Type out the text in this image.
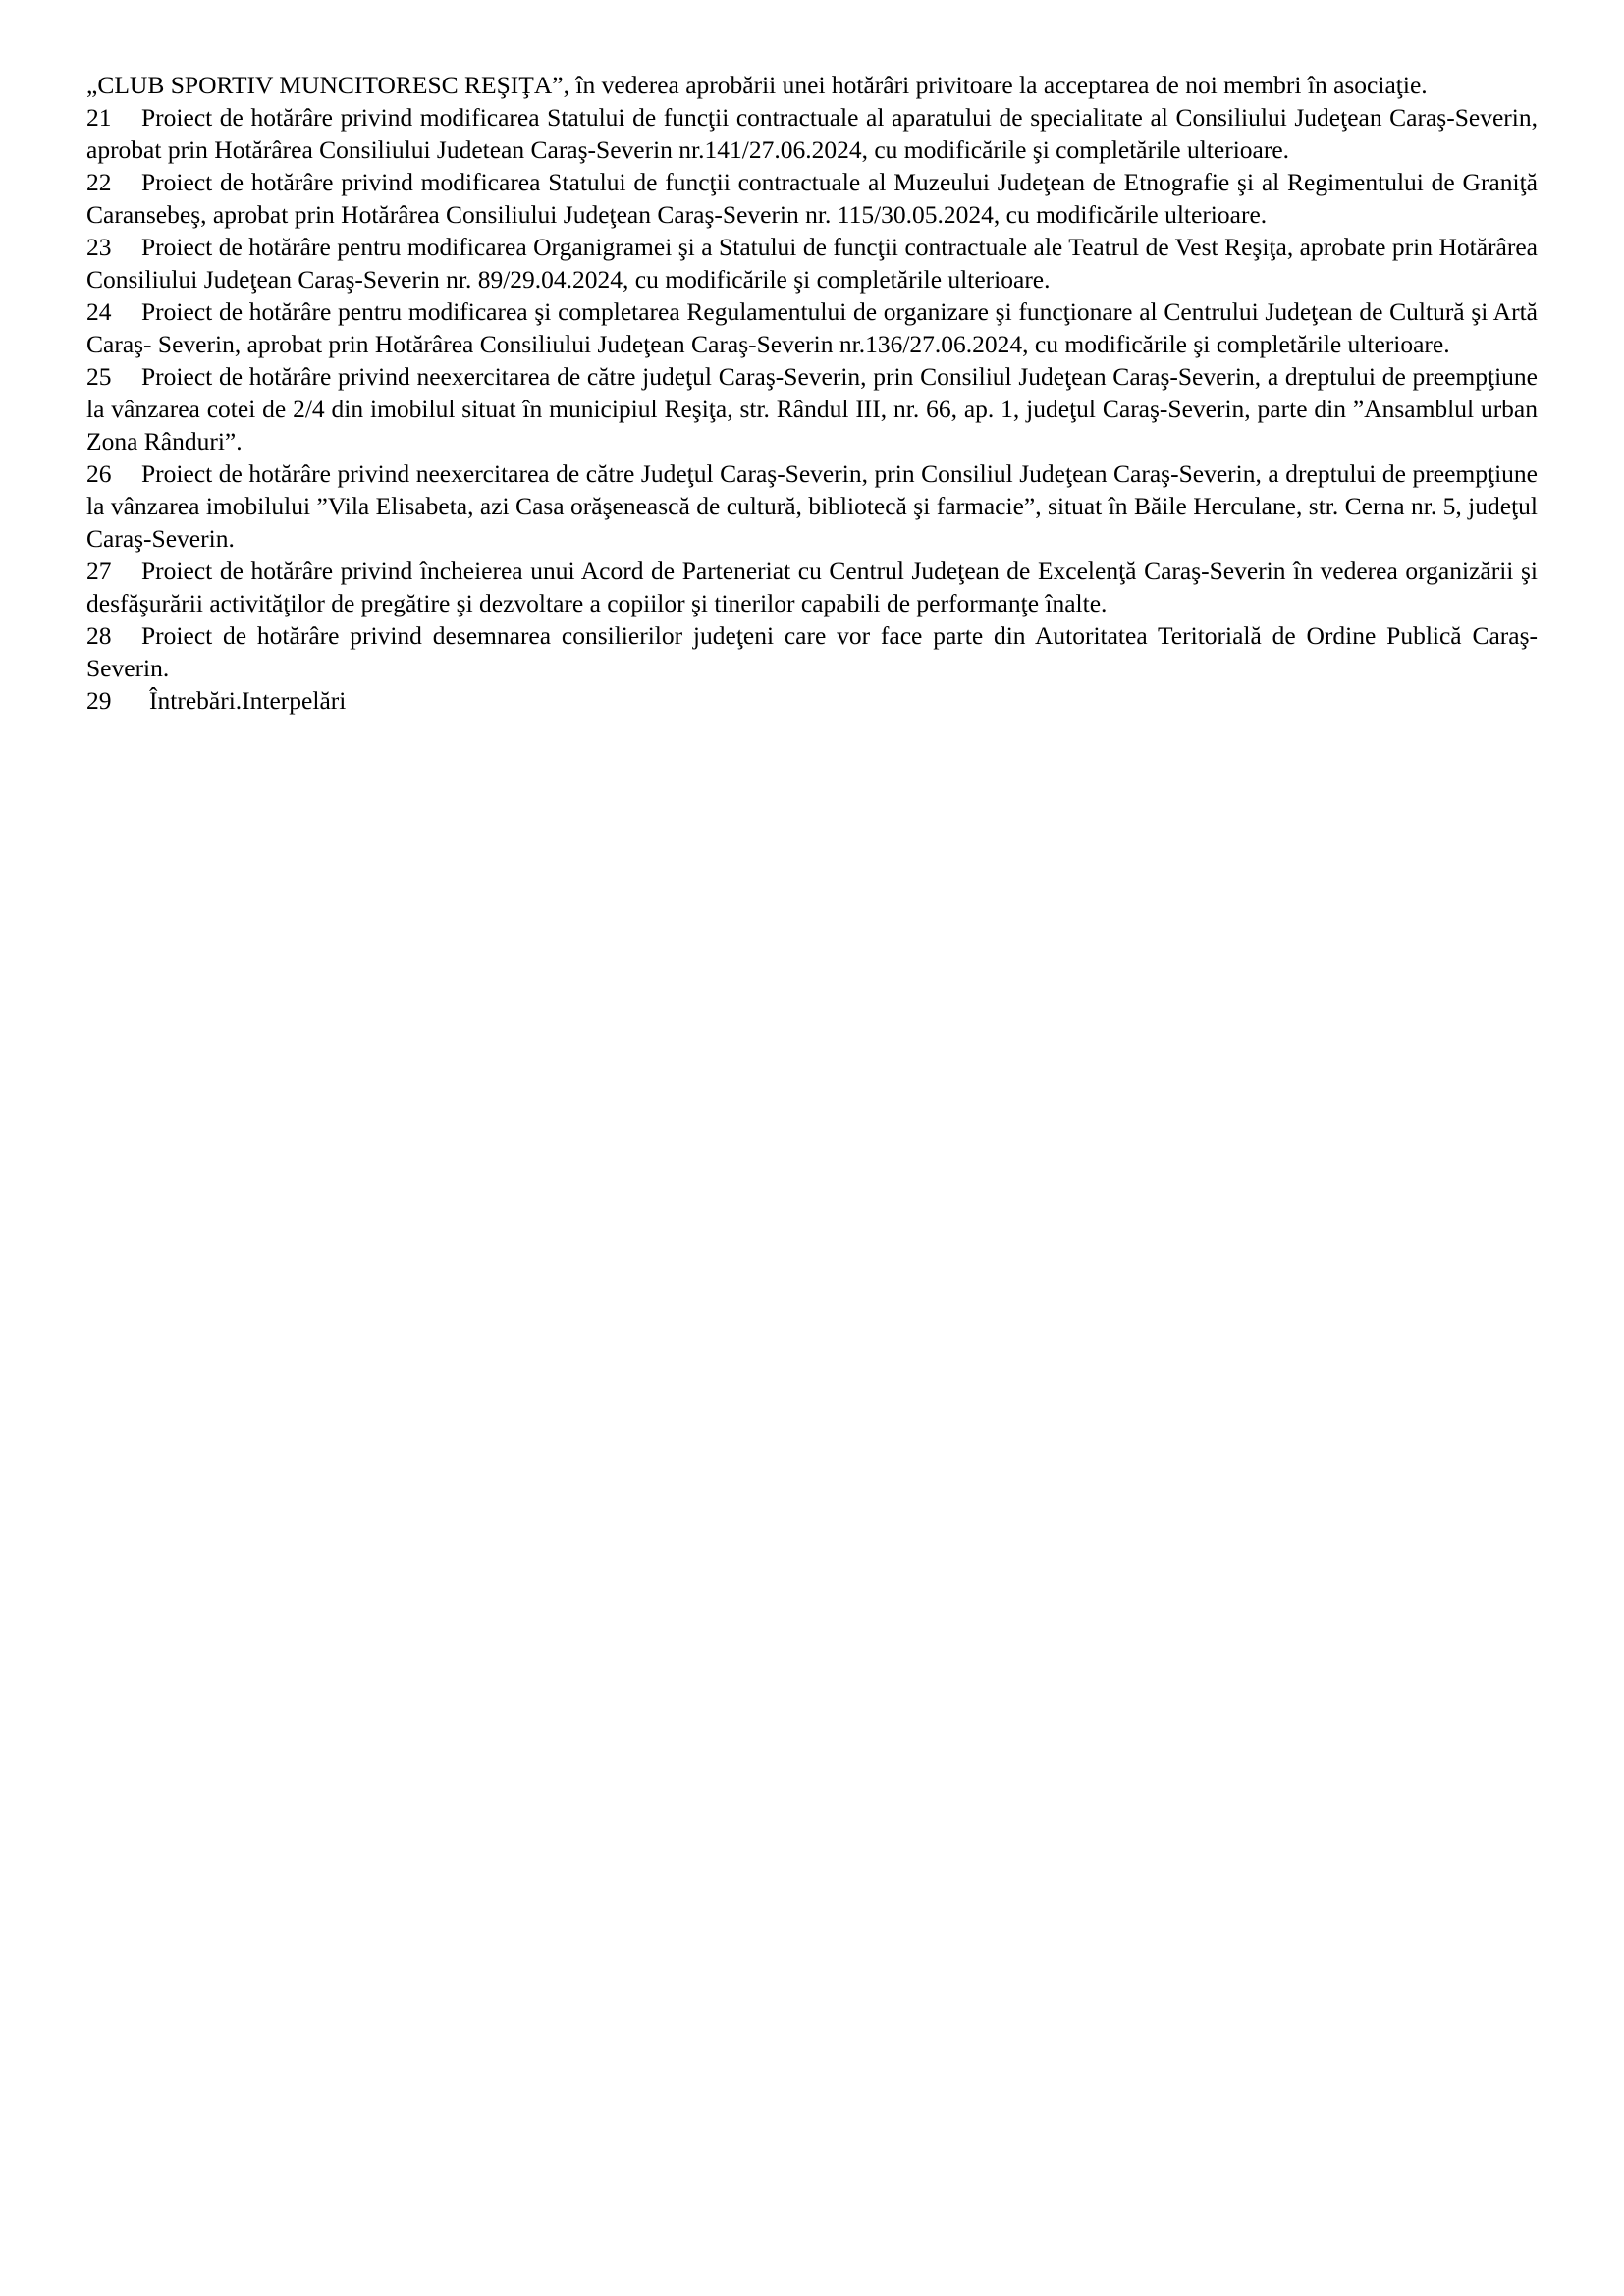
„CLUB SPORTIV MUNCITORESC REŞIŢA”, în vederea aprobării unei hotărâri privitoare la acceptarea de noi membri în asociaţie.

21 Proiect de hotărâre privind modificarea Statului de funcţii contractuale al aparatului de specialitate al Consiliului Judeţean Caraş-Severin, aprobat prin Hotărârea Consiliului Judetean Caraş-Severin nr.141/27.06.2024, cu modificările şi completările ulterioare.

22 Proiect de hotărâre privind modificarea Statului de funcţii contractuale al Muzeului Judeţean de Etnografie şi al Regimentului de Graniţă Caransebeş, aprobat prin Hotărârea Consiliului Judeţean Caraş-Severin nr. 115/30.05.2024, cu modificările ulterioare.

23 Proiect de hotărâre pentru modificarea Organigramei şi a Statului de funcţii contractuale ale Teatrul de Vest Reşiţa, aprobate prin Hotărârea Consiliului Judeţean Caraş-Severin nr. 89/29.04.2024, cu modificările şi completările ulterioare.

24 Proiect de hotărâre pentru modificarea şi completarea Regulamentului de organizare şi funcţionare al Centrului Judeţean de Cultură şi Artă Caraş- Severin, aprobat prin Hotărârea Consiliului Judeţean Caraş-Severin nr.136/27.06.2024, cu modificările şi completările ulterioare.

25 Proiect de hotărâre privind neexercitarea de către judeţul Caraş-Severin, prin Consiliul Judeţean Caraş-Severin, a dreptului de preempţiune la vânzarea cotei de 2/4 din imobilul situat în municipiul Reşiţa, str. Rândul III, nr. 66, ap. 1, judeţul Caraş-Severin, parte din ”Ansamblul urban Zona Rânduri”.

26 Proiect de hotărâre privind neexercitarea de către Judeţul Caraş-Severin, prin Consiliul Judeţean Caraş-Severin, a dreptului de preempţiune la vânzarea imobilului ”Vila Elisabeta, azi Casa orăşenească de cultură, bibliotecă şi farmacie”, situat în Băile Herculane, str. Cerna nr. 5, judeţul Caraş-Severin.

27 Proiect de hotărâre privind încheierea unui Acord de Parteneriat cu Centrul Judeţean de Excelenţă Caraş-Severin în vederea organizării şi desfăşurării activităţilor de pregătire şi dezvoltare a copiilor şi tinerilor capabili de performanţe înalte.

28 Proiect de hotărâre privind desemnarea consilierilor judeţeni care vor face parte din Autoritatea Teritorială de Ordine Publică Caraş-Severin.

29 Întrebări.Interpelări
